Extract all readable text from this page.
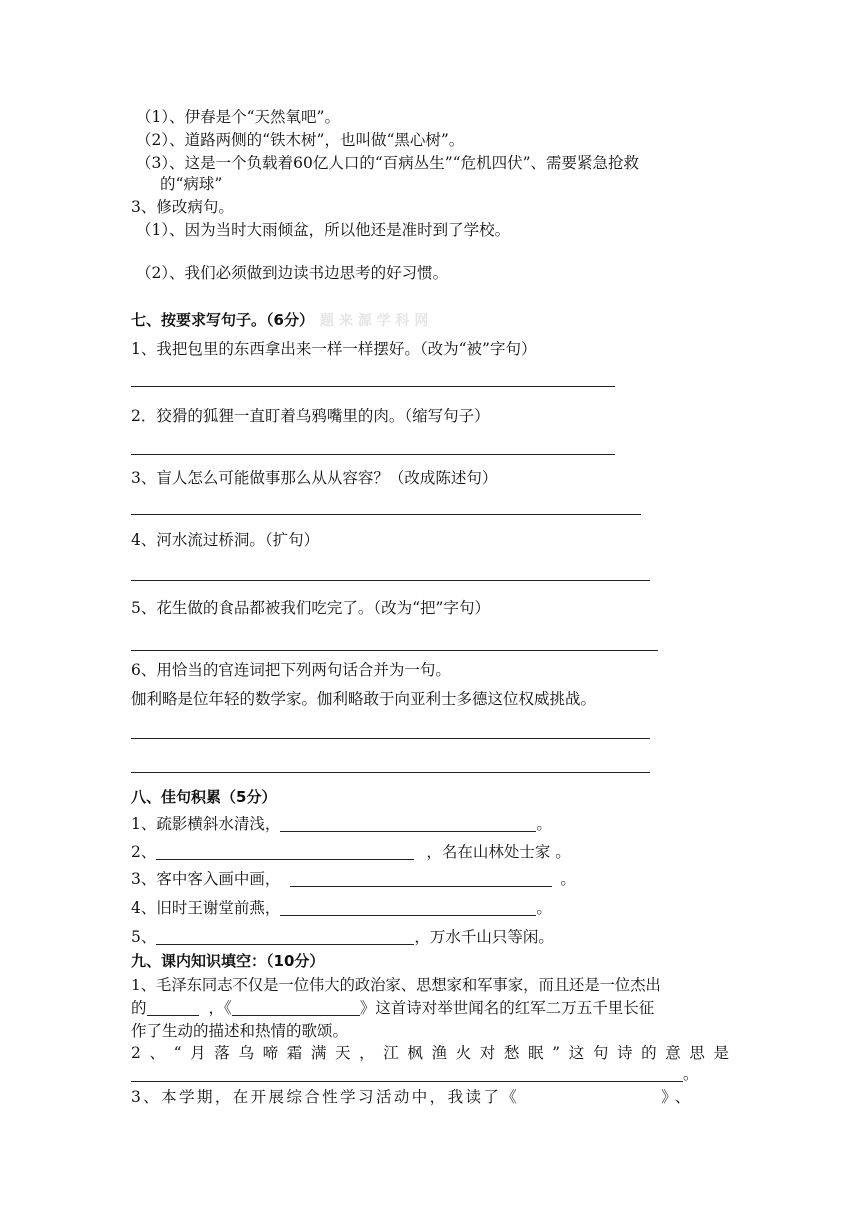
（1）、伊春是个“天然氧吧”。
（2）、道路两侧的“铁木树”，也叫做“黑心树”。
（3）、这是一个负载着60亿人口的“百病丛生”“危机四伏”、需要紧急抢救
的“病球”
3、修改病句。
（1）、因为当时大雨倾盆，所以他还是准时到了学校。
（2）、我们必须做到边读书边思考的好习惯。
七、按要求写句子。（6分） 题 来 源 学 科 网
1、我把包里的东西拿出来一样一样摆好。（改为“被”字句）
2．狡猾的狐狸一直盯着乌鸦嘴里的肉。（缩写句子）
3、盲人怎么可能做事那么从从容容？（改成陈述句）
4、河水流过桥洞。（扩句）
5、花生做的食品都被我们吃完了。（改为“把”字句）
6、用恰当的官连词把下列两句话合并为一句。
伽利略是位年轻的数学家。伽利略敢于向亚利士多德这位权威挑战。
八、佳句积累（5分）
1、疏影横斜水清浅，	。
2、	，名在山林处士家 。
3、客中客入画中画，	。
4、旧时王谢堂前燕，	。
5、	，万水千山只等闲。
九、课内知识填空：（10分）
1、毛泽东同志不仅是一位伟大的政治家、思想家和军事家，而且还是一位杰出
的	，《	》这首诗对举世闻名的红军二万五千里长征
作了生动的描述和热情的歌颂。
2、“月落乌啼霜满天，江枫渔火对愁眠”这句诗的意思是
。
3、本学期，在开展综合性学习活动中，我读了《	》、
